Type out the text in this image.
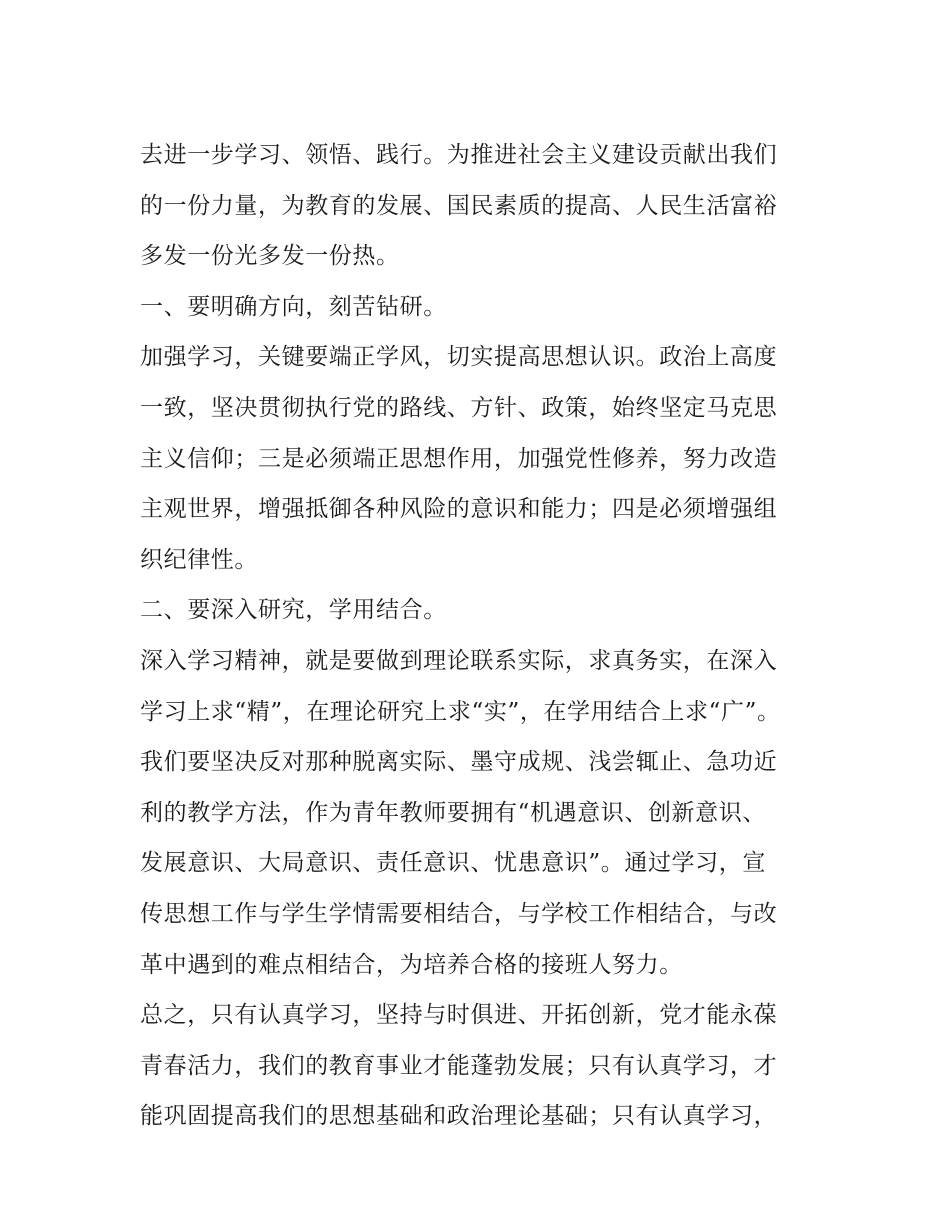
去进一步学习、领悟、践行。为推进社会主义建设贡献出我们
的一份力量，为教育的发展、国民素质的提高、人民生活富裕
多发一份光多发一份热。
一、要明确方向，刻苦钻研。
加强学习，关键要端正学风，切实提高思想认识。政治上高度
一致，坚决贯彻执行党的路线、方针、政策，始终坚定马克思
主义信仰；三是必须端正思想作用，加强党性修养，努力改造
主观世界，增强抵御各种风险的意识和能力；四是必须增强组
织纪律性。
二、要深入研究，学用结合。
深入学习精神，就是要做到理论联系实际，求真务实，在深入
学习上求“精”，在理论研究上求“实”，在学用结合上求“广”。
我们要坚决反对那种脱离实际、墨守成规、浅尝辄止、急功近
利的教学方法，作为青年教师要拥有“机遇意识、创新意识、
发展意识、大局意识、责任意识、忧患意识”。通过学习，宣
传思想工作与学生学情需要相结合，与学校工作相结合，与改
革中遇到的难点相结合，为培养合格的接班人努力。
总之，只有认真学习，坚持与时俱进、开拓创新，党才能永葆
青春活力，我们的教育事业才能蓬勃发展；只有认真学习，才
能巩固提高我们的思想基础和政治理论基础；只有认真学习，
